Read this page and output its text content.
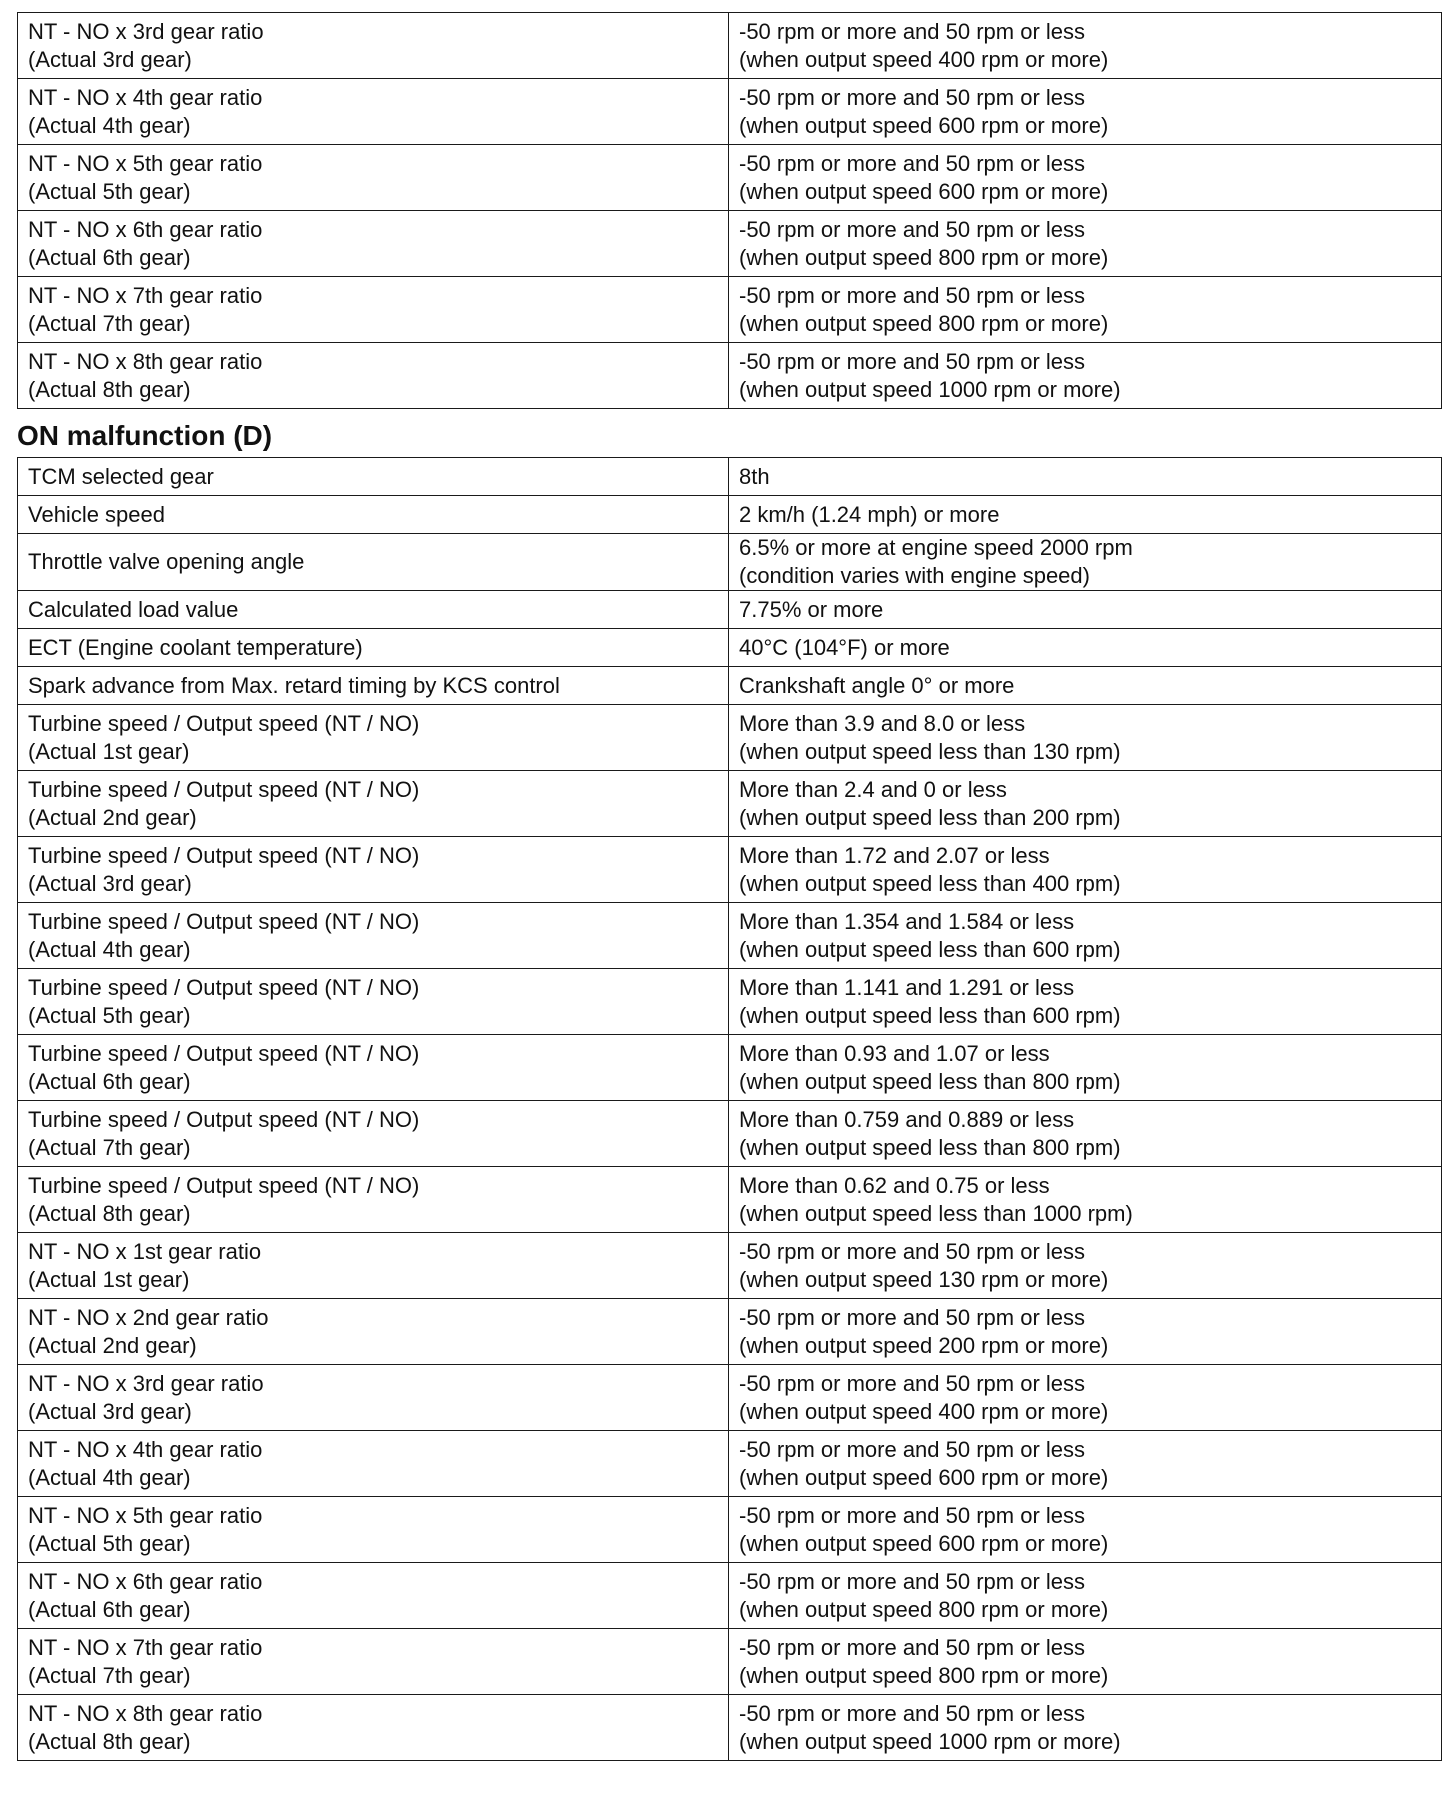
NT - NO x 3rd gear ratio
(Actual 3rd gear)	-50 rpm or more and 50 rpm or less
(when output speed 400 rpm or more)
NT - NO x 4th gear ratio
(Actual 4th gear)	-50 rpm or more and 50 rpm or less
(when output speed 600 rpm or more)
NT - NO x 5th gear ratio
(Actual 5th gear)	-50 rpm or more and 50 rpm or less
(when output speed 600 rpm or more)
NT - NO x 6th gear ratio
(Actual 6th gear)	-50 rpm or more and 50 rpm or less
(when output speed 800 rpm or more)
NT - NO x 7th gear ratio
(Actual 7th gear)	-50 rpm or more and 50 rpm or less
(when output speed 800 rpm or more)
NT - NO x 8th gear ratio
(Actual 8th gear)	-50 rpm or more and 50 rpm or less
(when output speed 1000 rpm or more)
ON malfunction (D)
TCM selected gear	8th
Vehicle speed	2 km/h (1.24 mph) or more
Throttle valve opening angle	6.5% or more at engine speed 2000 rpm
(condition varies with engine speed)
Calculated load value	7.75% or more
ECT (Engine coolant temperature)	40°C (104°F) or more
Spark advance from Max. retard timing by KCS control	Crankshaft angle 0° or more
Turbine speed / Output speed (NT / NO)
(Actual 1st gear)	More than 3.9 and 8.0 or less
(when output speed less than 130 rpm)
Turbine speed / Output speed (NT / NO)
(Actual 2nd gear)	More than 2.4 and 0 or less
(when output speed less than 200 rpm)
Turbine speed / Output speed (NT / NO)
(Actual 3rd gear)	More than 1.72 and 2.07 or less
(when output speed less than 400 rpm)
Turbine speed / Output speed (NT / NO)
(Actual 4th gear)	More than 1.354 and 1.584 or less
(when output speed less than 600 rpm)
Turbine speed / Output speed (NT / NO)
(Actual 5th gear)	More than 1.141 and 1.291 or less
(when output speed less than 600 rpm)
Turbine speed / Output speed (NT / NO)
(Actual 6th gear)	More than 0.93 and 1.07 or less
(when output speed less than 800 rpm)
Turbine speed / Output speed (NT / NO)
(Actual 7th gear)	More than 0.759 and 0.889 or less
(when output speed less than 800 rpm)
Turbine speed / Output speed (NT / NO)
(Actual 8th gear)	More than 0.62 and 0.75 or less
(when output speed less than 1000 rpm)
NT - NO x 1st gear ratio
(Actual 1st gear)	-50 rpm or more and 50 rpm or less
(when output speed 130 rpm or more)
NT - NO x 2nd gear ratio
(Actual 2nd gear)	-50 rpm or more and 50 rpm or less
(when output speed 200 rpm or more)
NT - NO x 3rd gear ratio
(Actual 3rd gear)	-50 rpm or more and 50 rpm or less
(when output speed 400 rpm or more)
NT - NO x 4th gear ratio
(Actual 4th gear)	-50 rpm or more and 50 rpm or less
(when output speed 600 rpm or more)
NT - NO x 5th gear ratio
(Actual 5th gear)	-50 rpm or more and 50 rpm or less
(when output speed 600 rpm or more)
NT - NO x 6th gear ratio
(Actual 6th gear)	-50 rpm or more and 50 rpm or less
(when output speed 800 rpm or more)
NT - NO x 7th gear ratio
(Actual 7th gear)	-50 rpm or more and 50 rpm or less
(when output speed 800 rpm or more)
NT - NO x 8th gear ratio
(Actual 8th gear)	-50 rpm or more and 50 rpm or less
(when output speed 1000 rpm or more)
